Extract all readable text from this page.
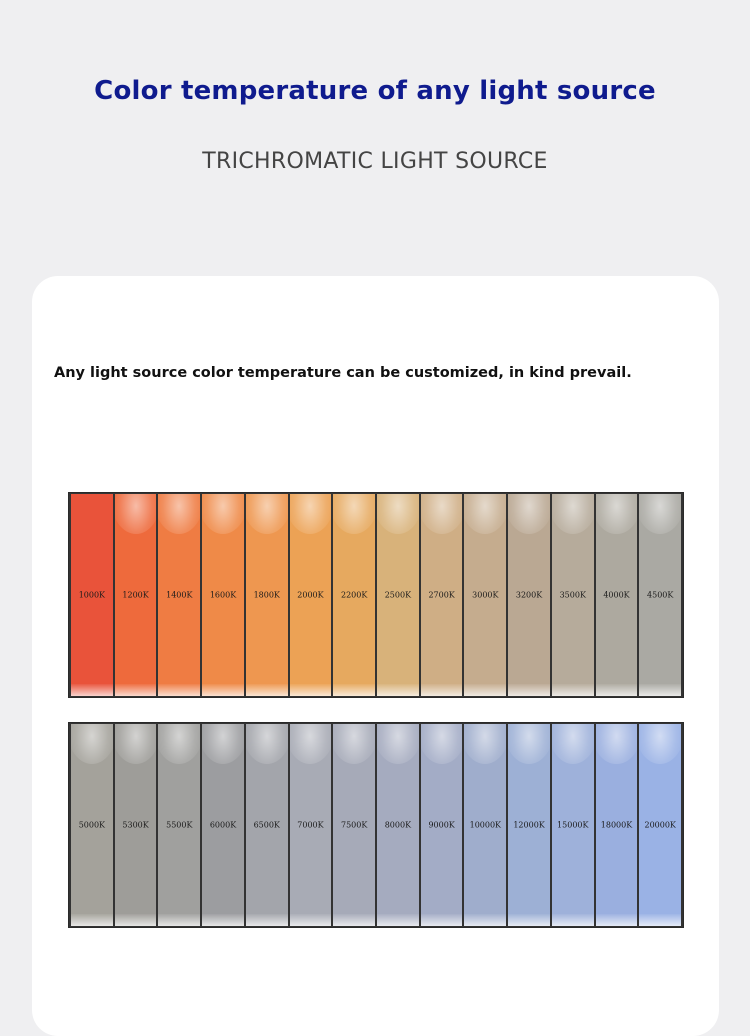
Color temperature of any light source
TRICHROMATIC LIGHT SOURCE
Any light source color temperature can be customized, in kind prevail.
1000K	1200K	1400K	1600K	1800K	2000K	2200K	2500K	2700K	3000K	3200K	3500K	4000K	4500K
5000K	5300K	5500K	6000K	6500K	7000K	7500K	8000K	9000K	10000K	12000K	15000K	18000K	20000K
